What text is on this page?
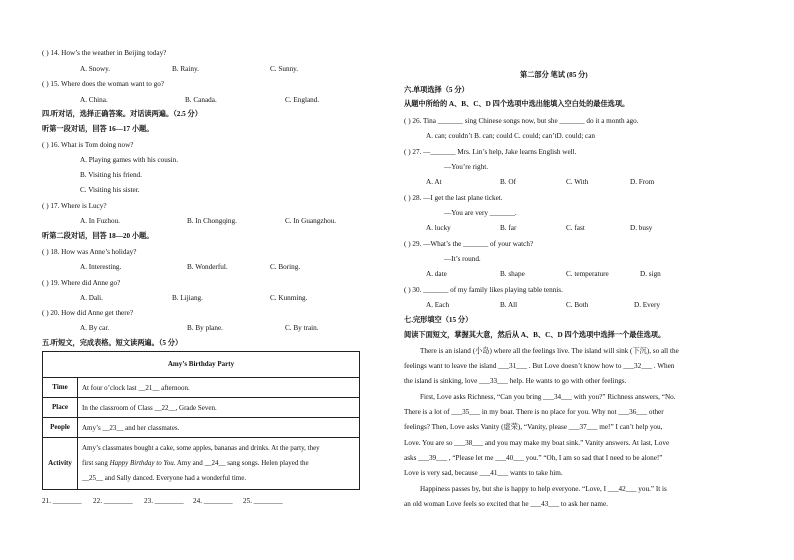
( ) 14. How’s the weather in Beijing today?
A. Snowy.	B. Rainy.	C. Sunny.
( ) 15. Where does the woman want to go?
A. China.	B. Canada.	C. England.
四.听对话，选择正确答案。对话读两遍。（2.5 分）
听第一段对话，回答 16—17 小题。
( ) 16. What is Tom doing now?
A. Playing games with his cousin.
B. Visiting his friend.
C. Visiting his sister.
( ) 17. Where is Lucy?
A. In Fuzhou.	B. In Chongqing.	C. In Guangzhou.
听第二段对话，回答 18—20 小题。
( ) 18. How was Anne’s holiday?
A. Interesting.	B. Wonderful.	C. Boring.
( ) 19. Where did Anne go?
A. Dali.	B. Lijiang.	C. Kunming.
( ) 20. How did Anne get there?
A. By car.	B. By plane.	C. By train.
五.听短文，完成表格。短文读两遍。（5 分）
Amy’s Birthday Party	
Time	At four o’clock last __21__ afternoon.
Place	In the classroom of Class __22__, Grade Seven.
People	Amy’s __23__ and her classmates.
Activity	Amy’s classmates bought a cake, some apples, bananas and drinks. At the party, they
first sang Happy Birthday to You. Amy and __24__ sang songs. Helen played the
__25__ and Sally danced. Everyone had a wonderful time.
21. ________ 22. ________ 23. ________ 24. ________ 25. ________
第二部分 笔试 (85 分)
六.单项选择（5 分）
从题中所给的 A、B、C、D 四个选项中选出能填入空白处的最佳选项。
( ) 26. Tina _______ sing Chinese songs now, but she _______ do it a month ago.
A. can; couldn’t B. can; could C. could; can’tD. could; can
( ) 27. —_______ Mrs. Lin’s help, Jake learns English well.
—You’re right.
A. At	B. Of	C. With	D. From
( ) 28. —I get the last plane ticket.
—You are very _______.
A. lucky	B. far	C. fast	D. busy
( ) 29. —What’s the _______ of your watch?
—It’s round.
A. date	B. shape	C. temperature	D. sign
( ) 30. _______ of my family likes playing table tennis.
A. Each	B. All	C. Both	D. Every
七.完形填空（15 分）
阅读下面短文，掌握其大意，然后从 A、B、C、D 四个选项中选择一个最佳选项。
There is an island (小岛) where all the feelings live. The island will sink (下沉), so all the
feelings want to leave the island ___31___ . But Love doesn’t know how to ___32___ . When
the island is sinking, love ___33___ help. He wants to go with other feelings.
First, Love asks Richness, “Can you bring ___34___ with you?” Richness answers, “No.
There is a lot of ___35___ in my boat. There is no place for you. Why not ___36___ other
feelings? Then, Love asks Vanity (虚荣), “Vanity, please ___37___ me!” I can’t help you,
Love. You are so ___38___ and you may make my boat sink.” Vanity answers. At last, Love
asks ___39___ , “Please let me ___40___ you.” “Oh, I am so sad that I need to be alone!”
Love is very sad, because ___41___ wants to take him.
Happiness passes by, but she is happy to help everyone. “Love, I ___42___ you.” It is
an old woman Love feels so excited that he ___43___ to ask her name.
